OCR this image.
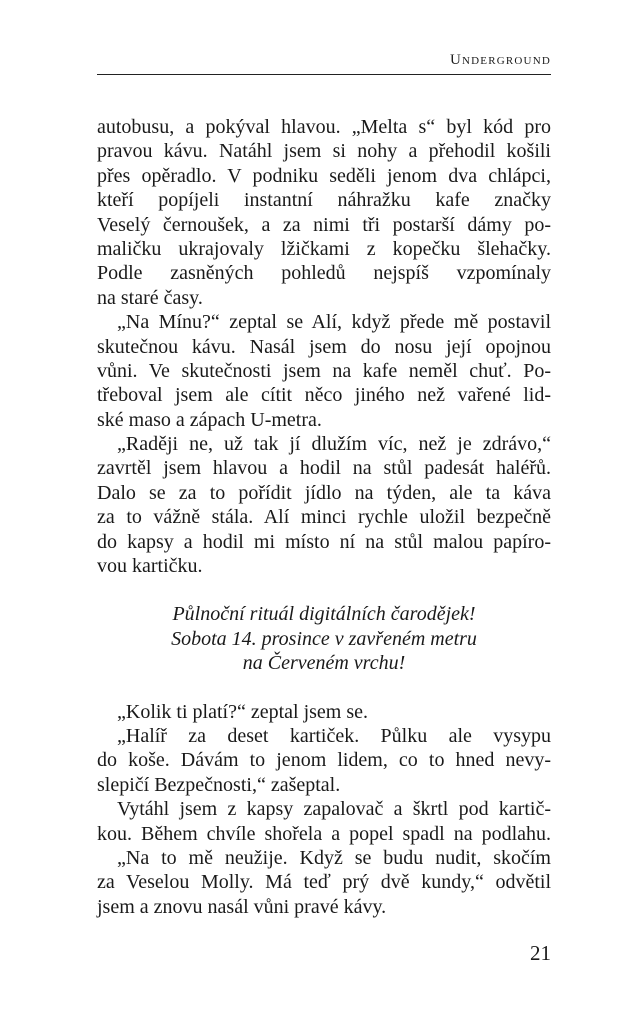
Underground
autobusu, a pokýval hlavou. „Melta s“ byl kód pro
pravou kávu. Natáhl jsem si nohy a přehodil košili
přes opěradlo. V podniku seděli jenom dva chlápci,
kteří popíjeli instantní náhražku kafe značky
Veselý černoušek, a za nimi tři postarší dámy po-
maličku ukrajovaly lžičkami z kopečku šlehačky.
Podle zasněných pohledů nejspíš vzpomínaly
na staré časy.
„Na Mínu?“ zeptal se Alí, když přede mě postavil
skutečnou kávu. Nasál jsem do nosu její opojnou
vůni. Ve skutečnosti jsem na kafe neměl chuť. Po-
třeboval jsem ale cítit něco jiného než vařené lid-
ské maso a zápach U-metra.
„Raději ne, už tak jí dlužím víc, než je zdrávo,“
zavrtěl jsem hlavou a hodil na stůl padesát haléřů.
Dalo se za to pořídit jídlo na týden, ale ta káva
za to vážně stála. Alí minci rychle uložil bezpečně
do kapsy a hodil mi místo ní na stůl malou papíro-
vou kartičku.
Půlnoční rituál digitálních čarodějek!
Sobota 14. prosince v zavřeném metru
na Červeném vrchu!
„Kolik ti platí?“ zeptal jsem se.
„Halíř za deset kartiček. Půlku ale vysypu
do koše. Dávám to jenom lidem, co to hned nevy-
slepičí Bezpečnosti,“ zašeptal.
Vytáhl jsem z kapsy zapalovač a škrtl pod kartič-
kou. Během chvíle shořela a popel spadl na podlahu.
„Na to mě neužije. Když se budu nudit, skočím
za Veselou Molly. Má teď prý dvě kundy,“ odvětil
jsem a znovu nasál vůni pravé kávy.
21
